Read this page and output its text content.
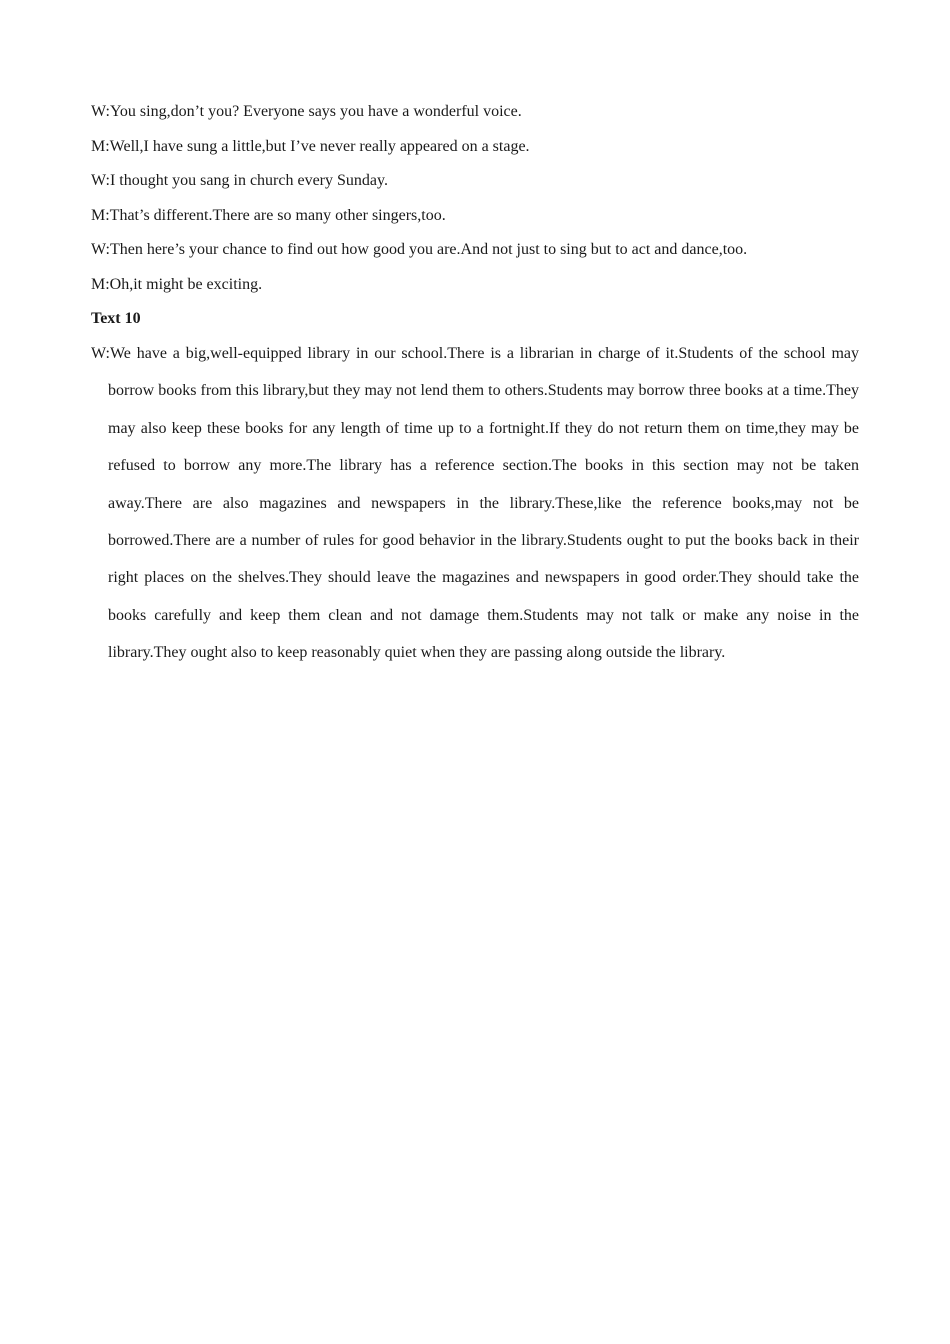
W:You sing,don’t you? Everyone says you have a wonderful voice.
M:Well,I have sung a little,but I’ve never really appeared on a stage.
W:I thought you sang in church every Sunday.
M:That’s different.There are so many other singers,too.
W:Then here’s your chance to find out how good you are.And not just to sing but to act and dance,too.
M:Oh,it might be exciting.
Text 10
W:We have a big,well-equipped library in our school.There is a librarian in charge of it.Students of the school may borrow books from this library,but they may not lend them to others.Students may borrow three books at a time.They may also keep these books for any length of time up to a fortnight.If they do not return them on time,they may be refused to borrow any more.The library has a reference section.The books in this section may not be taken away.There are also magazines and newspapers in the library.These,like the reference books,may not be borrowed.There are a number of rules for good behavior in the library.Students ought to put the books back in their right places on the shelves.They should leave the magazines and newspapers in good order.They should take the books carefully and keep them clean and not damage them.Students may not talk or make any noise in the library.They ought also to keep reasonably quiet when they are passing along outside the library.
